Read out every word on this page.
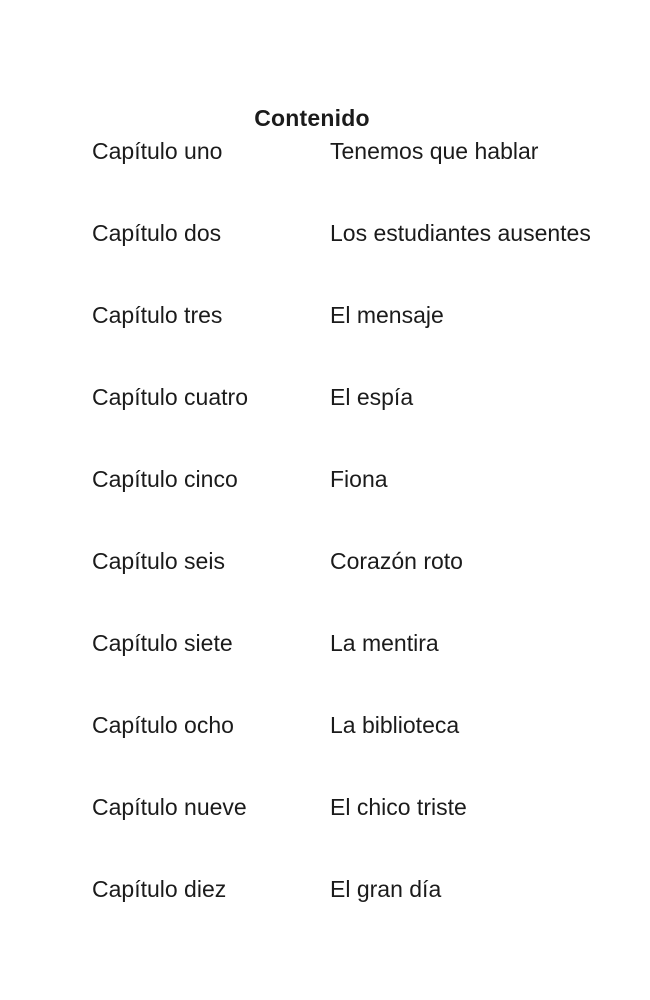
Contenido
Capítulo uno	Tenemos que hablar
Capítulo dos	Los estudiantes ausentes
Capítulo tres	El mensaje
Capítulo cuatro	El espía
Capítulo cinco	Fiona
Capítulo seis	Corazón roto
Capítulo siete	La mentira
Capítulo ocho	La biblioteca
Capítulo nueve	El chico triste
Capítulo diez	El gran día
